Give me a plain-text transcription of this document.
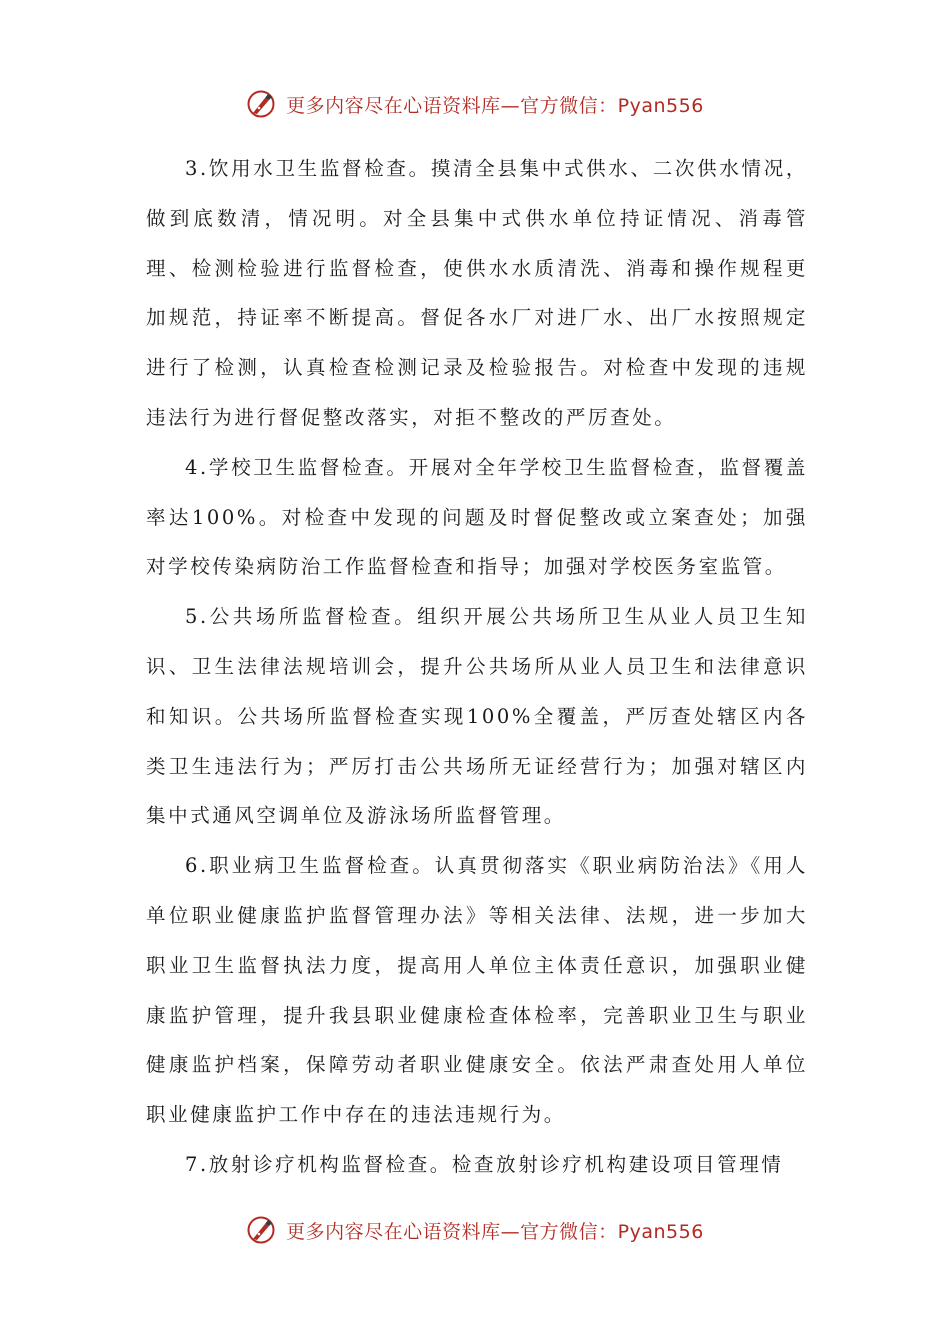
更多内容尽在心语资料库—官方微信：Pyan556

3.饮用水卫生监督检查。摸清全县集中式供水、二次供水情况，做到底数清，情况明。对全县集中式供水单位持证情况、消毒管理、检测检验进行监督检查，使供水水质清洗、消毒和操作规程更加规范，持证率不断提高。督促各水厂对进厂水、出厂水按照规定进行了检测，认真检查检测记录及检验报告。对检查中发现的违规违法行为进行督促整改落实，对拒不整改的严厉查处。

4.学校卫生监督检查。开展对全年学校卫生监督检查，监督覆盖率达100%。对检查中发现的问题及时督促整改或立案查处；加强对学校传染病防治工作监督检查和指导；加强对学校医务室监管。

5.公共场所监督检查。组织开展公共场所卫生从业人员卫生知识、卫生法律法规培训会，提升公共场所从业人员卫生和法律意识和知识。公共场所监督检查实现100%全覆盖，严厉查处辖区内各类卫生违法行为；严厉打击公共场所无证经营行为；加强对辖区内集中式通风空调单位及游泳场所监督管理。

6.职业病卫生监督检查。认真贯彻落实《职业病防治法》《用人单位职业健康监护监督管理办法》等相关法律、法规，进一步加大职业卫生监督执法力度，提高用人单位主体责任意识，加强职业健康监护管理，提升我县职业健康检查体检率，完善职业卫生与职业健康监护档案，保障劳动者职业健康安全。依法严肃查处用人单位职业健康监护工作中存在的违法违规行为。

7.放射诊疗机构监督检查。检查放射诊疗机构建设项目管理情

更多内容尽在心语资料库—官方微信：Pyan556
